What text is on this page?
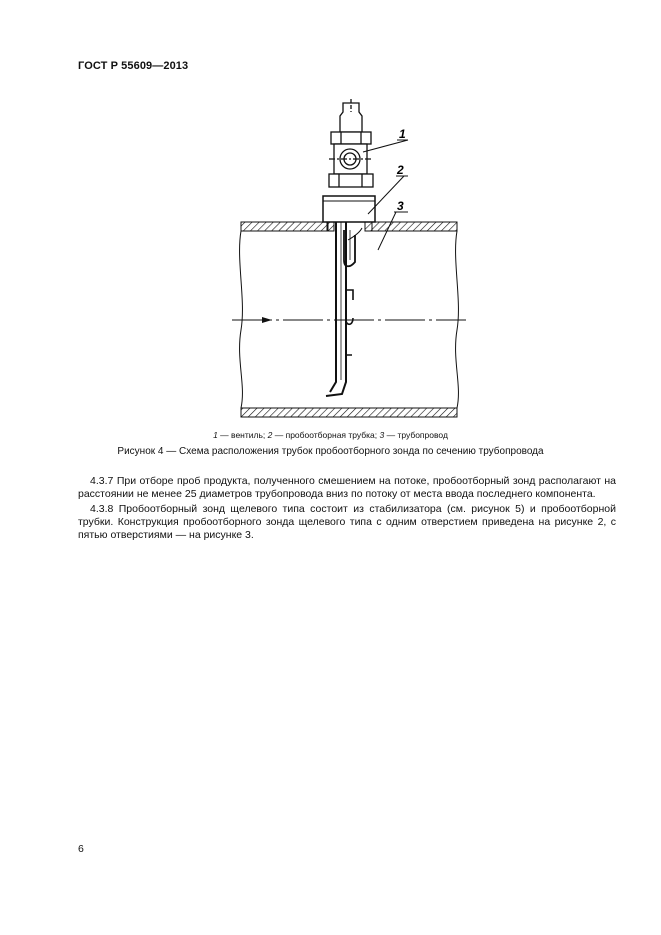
ГОСТ Р 55609—2013
1
2
3
1 — вентиль; 2 — пробоотборная трубка; 3 — трубопровод
Рисунок 4 — Схема расположения трубок пробоотборного зонда по сечению трубопровода

4.3.7 При отборе проб продукта, полученного смешением на потоке, пробоотборный зонд располагают на расстоянии не менее 25 диаметров трубопровода вниз по потоку от места ввода последнего компонента.

4.3.8 Пробоотборный зонд щелевого типа состоит из стабилизатора (см. рисунок 5) и пробоотборной трубки. Конструкция пробоотборного зонда щелевого типа с одним отверстием приведена на рисунке 2, с пятью отверстиями — на рисунке 3.

6
